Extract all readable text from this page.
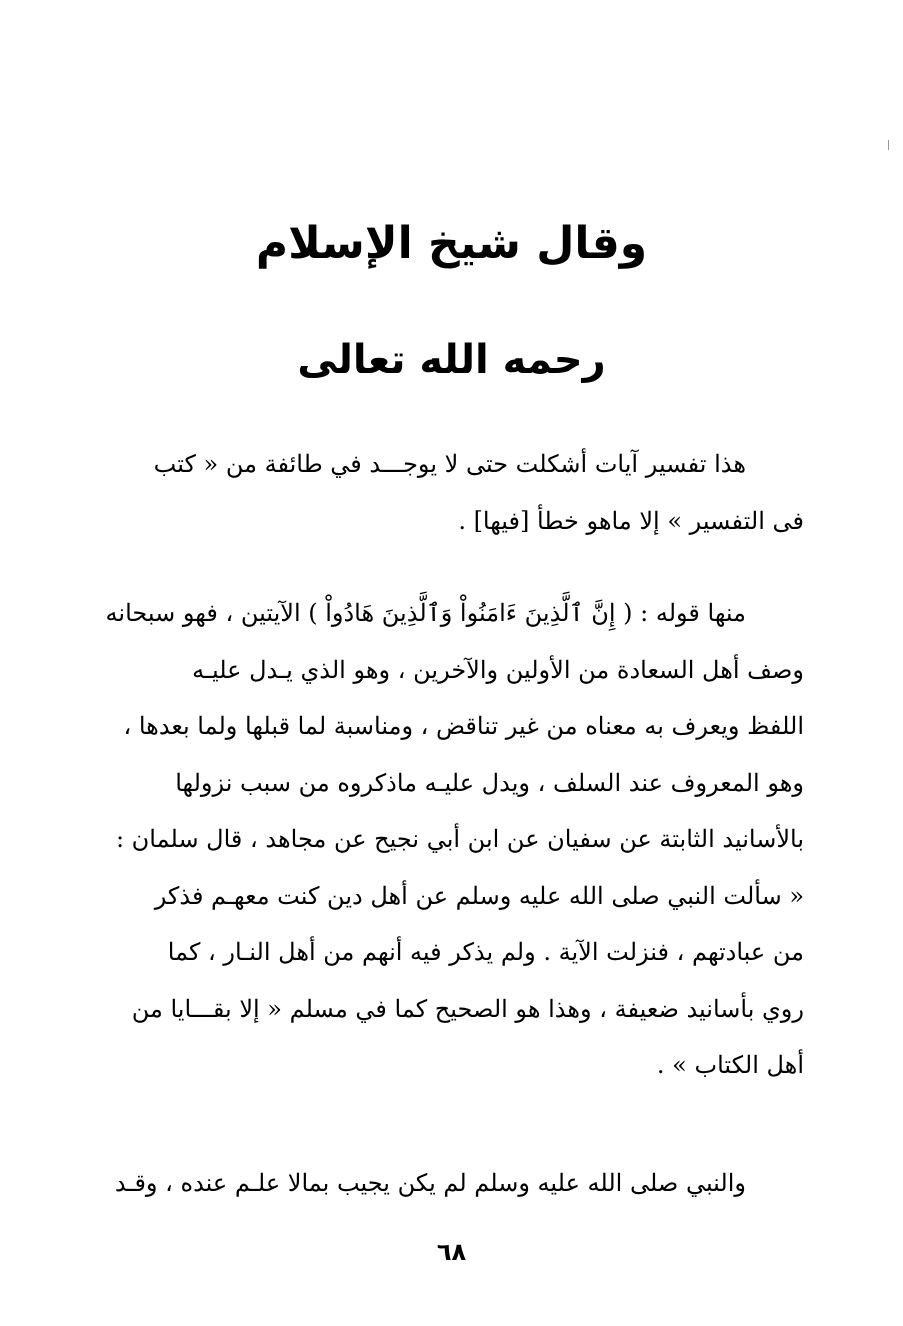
وقال شيخ الإسلام
رحمه الله تعالى
هذا تفسير آيات أشكلت حتى لا يوجـــد في طائفة من « كتب
فى التفسير » إلا ماهو خطأ [فيها] .
منها قوله : ( إِنَّ ٱلَّذِينَ ءَامَنُواْ وَٱلَّذِينَ هَادُواْ ) الآيتين ، فهو سبحانه
وصف أهل السعادة من الأولين والآخرين ، وهو الذي يـدل عليـه
اللفظ ويعرف به معناه من غير تناقض ، ومناسبة لما قبلها ولما بعدها ،
وهو المعروف عند السلف ، ويدل عليـه ماذكروه من سبب نزولها
بالأسانيد الثابتة عن سفيان عن ابن أبي نجيح عن مجاهد ، قال سلمان :
« سألت النبي صلى الله عليه وسلم عن أهل دين كنت معهـم فذكر
من عبادتهم ، فنزلت الآية . ولم يذكر فيه أنهم من أهل النـار ، كما
روي بأسانيد ضعيفة ، وهذا هو الصحيح كما في مسلم « إلا بقـــايا من
أهل الكتاب » .
والنبي صلى الله عليه وسلم لم يكن يجيب بمالا علـم عنده ، وقـد
٦٨
